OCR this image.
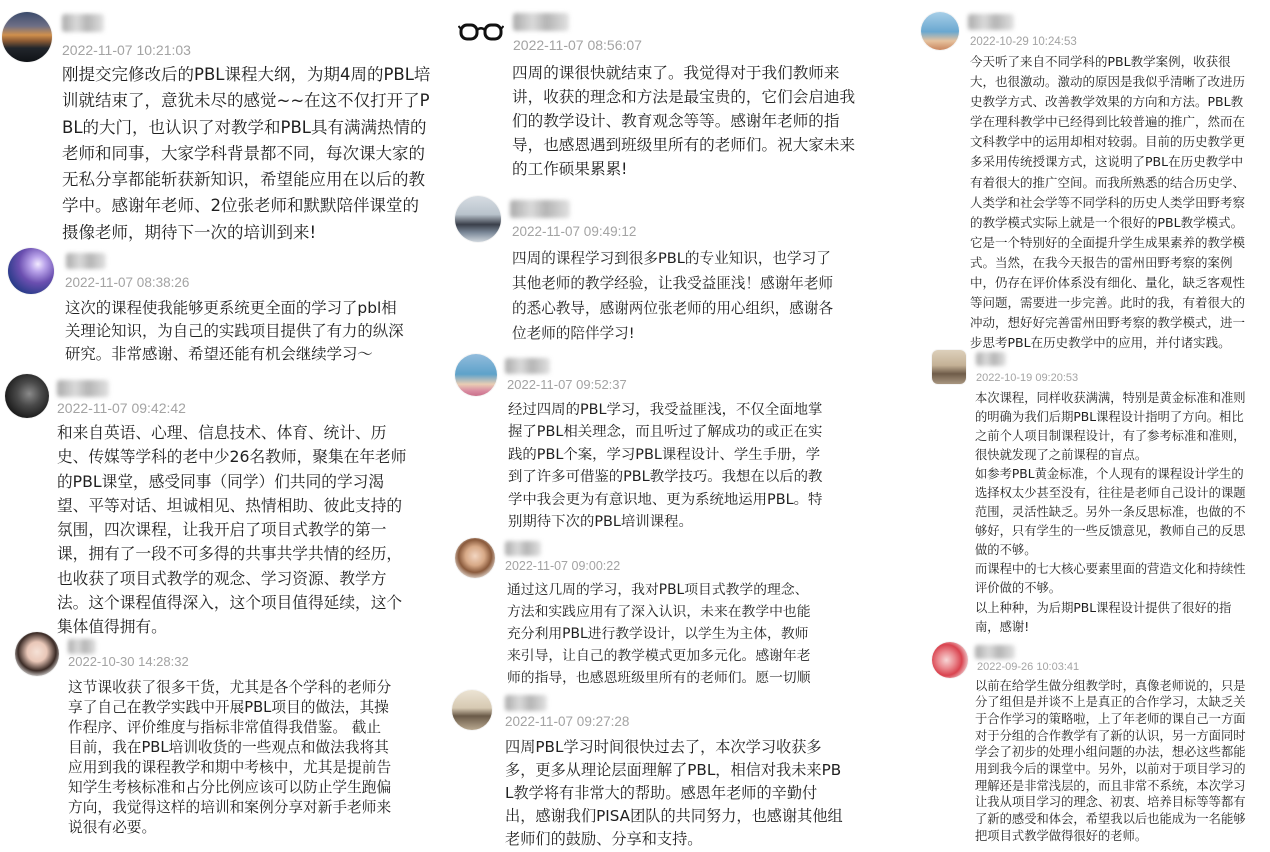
2022-11-07 10:21:03
刚提交完修改后的PBL课程大纲，为期4周的PBL培
训就结束了，意犹未尽的感觉~~在这不仅打开了P
BL的大门，也认识了对教学和PBL具有满满热情的
老师和同事，大家学科背景都不同，每次课大家的
无私分享都能斩获新知识，希望能应用在以后的教
学中。感谢年老师、2位张老师和默默陪伴课堂的
摄像老师，期待下一次的培训到来!
2022-11-07 08:38:26
这次的课程使我能够更系统更全面的学习了pbl相
关理论知识，为自己的实践项目提供了有力的纵深
研究。非常感谢、希望还能有机会继续学习～
2022-11-07 09:42:42
和来自英语、心理、信息技术、体育、统计、历
史、传媒等学科的老中少26名教师，聚集在年老师
的PBL课堂，感受同事（同学）们共同的学习渴
望、平等对话、坦诚相见、热情相助、彼此支持的
氛围，四次课程，让我开启了项目式教学的第一
课，拥有了一段不可多得的共事共学共情的经历，
也收获了项目式教学的观念、学习资源、教学方
法。这个课程值得深入，这个项目值得延续，这个
集体值得拥有。
2022-10-30 14:28:32
这节课收获了很多干货，尤其是各个学科的老师分
享了自己在教学实践中开展PBL项目的做法，其操
作程序、评价维度与指标非常值得我借鉴。 截止
目前，我在PBL培训收货的一些观点和做法我将其
应用到我的课程教学和期中考核中，尤其是提前告
知学生考核标准和占分比例应该可以防止学生跑偏
方向，我觉得这样的培训和案例分享对新手老师来
说很有必要。
2022-11-07 08:56:07
四周的课很快就结束了。我觉得对于我们教师来
讲，收获的理念和方法是最宝贵的，它们会启迪我
们的教学设计、教育观念等等。感谢年老师的指
导，也感恩遇到班级里所有的老师们。祝大家未来
的工作硕果累累!
2022-11-07 09:49:12
四周的课程学习到很多PBL的专业知识，也学习了
其他老师的教学经验，让我受益匪浅！感谢年老师
的悉心教导，感谢两位张老师的用心组织，感谢各
位老师的陪伴学习!
2022-11-07 09:52:37
经过四周的PBL学习，我受益匪浅，不仅全面地掌
握了PBL相关理念，而且听过了解成功的或正在实
践的PBL个案，学习PBL课程设计、学生手册，学
到了许多可借鉴的PBL教学技巧。我想在以后的教
学中我会更为有意识地、更为系统地运用PBL。特
别期待下次的PBL培训课程。
2022-11-07 09:00:22
通过这几周的学习，我对PBL项目式教学的理念、
方法和实践应用有了深入认识，未来在教学中也能
充分利用PBL进行教学设计，以学生为主体，教师
来引导，让自己的教学模式更加多元化。感谢年老
师的指导，也感恩班级里所有的老师们。愿一切顺
2022-11-07 09:27:28
四周PBL学习时间很快过去了，本次学习收获多
多，更多从理论层面理解了PBL，相信对我未来PB
L教学将有非常大的帮助。感恩年老师的辛勤付
出，感谢我们PISA团队的共同努力，也感谢其他组
老师们的鼓励、分享和支持。
2022-10-29 10:24:53
今天听了来自不同学科的PBL教学案例，收获很
大，也很激动。激动的原因是我似乎清晰了改进历
史教学方式、改善教学效果的方向和方法。PBL教
学在理科教学中已经得到比较普遍的推广，然而在
文科教学中的运用却相对较弱。目前的历史教学更
多采用传统授课方式，这说明了PBL在历史教学中
有着很大的推广空间。而我所熟悉的结合历史学、
人类学和社会学等不同学科的历史人类学田野考察
的教学模式实际上就是一个很好的PBL教学模式。
它是一个特别好的全面提升学生成果素养的教学模
式。当然，在我今天报告的雷州田野考察的案例
中，仍存在评价体系没有细化、量化，缺乏客观性
等问题，需要进一步完善。此时的我，有着很大的
冲动，想好好完善雷州田野考察的教学模式，进一
步思考PBL在历史教学中的应用，并付诸实践。
2022-10-19 09:20:53
本次课程，同样收获满满，特别是黄金标准和准则
的明确为我们后期PBL课程设计指明了方向。相比
之前个人项目制课程设计，有了参考标准和准则，
很快就发现了之前课程的盲点。
如参考PBL黄金标准，个人现有的课程设计学生的
选择权太少甚至没有，往往是老师自己设计的课题
范围，灵活性缺乏。另外一条反思标准，也做的不
够好，只有学生的一些反馈意见，教师自己的反思
做的不够。
而课程中的七大核心要素里面的营造文化和持续性
评价做的不够。
以上种种，为后期PBL课程设计提供了很好的指
南，感谢!
2022-09-26 10:03:41
以前在给学生做分组教学时，真像老师说的，只是
分了组但是并谈不上是真正的合作学习，太缺乏关
于合作学习的策略啦，上了年老师的课自己一方面
对于分组的合作教学有了新的认识，另一方面同时
学会了初步的处理小组问题的办法，想必这些都能
用到我今后的课堂中。另外，以前对于项目学习的
理解还是非常浅层的，而且非常不系统，本次学习
让我从项目学习的理念、初衷、培养目标等等都有
了新的感受和体会，希望我以后也能成为一名能够
把项目式教学做得很好的老师。
